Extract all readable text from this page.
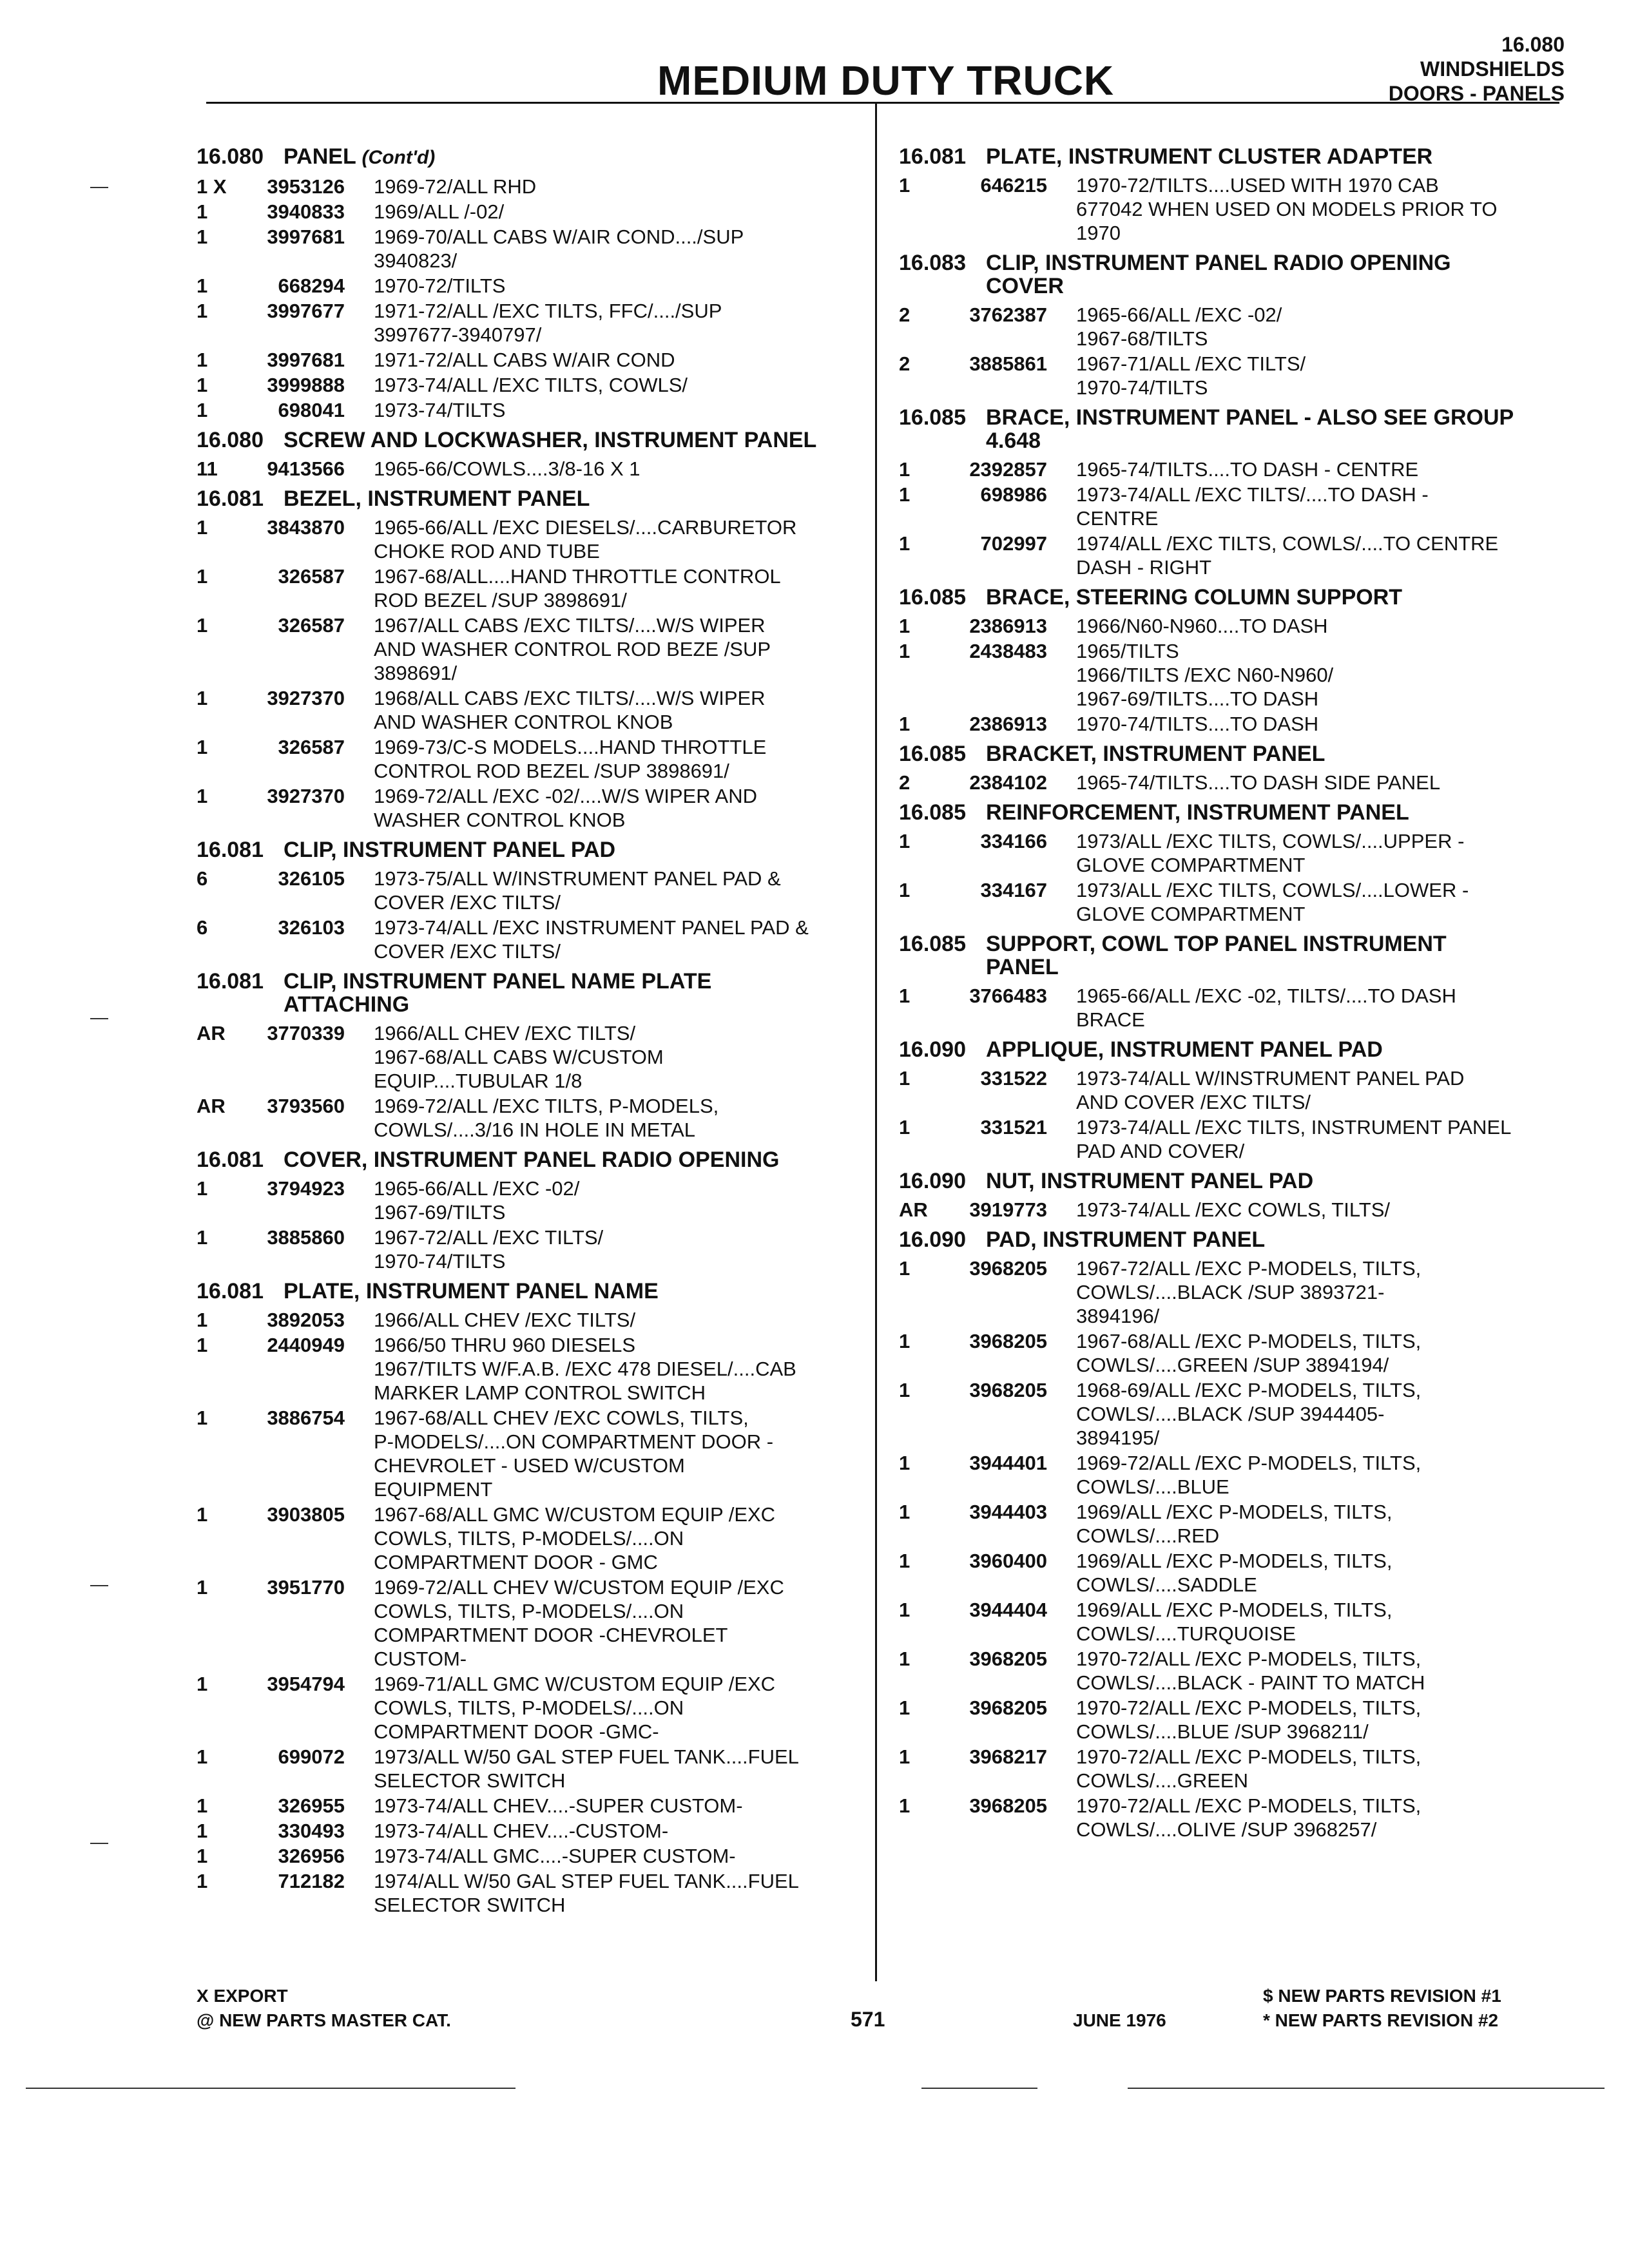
MEDIUM DUTY TRUCK
16.080
WINDSHIELDS
DOORS - PANELS
16.080 PANEL (Cont'd)
1 X	3953126 1969-72/ALL RHD
1	3940833 1969/ALL /-02/
1	3997681 1969-70/ALL CABS W/AIR COND..../SUP
3940823/
1	668294 1970-72/TILTS
1	3997677 1971-72/ALL /EXC TILTS, FFC/..../SUP
3997677-3940797/
1	3997681 1971-72/ALL CABS W/AIR COND
1	3999888 1973-74/ALL /EXC TILTS, COWLS/
1	698041 1973-74/TILTS
16.080 SCREW AND LOCKWASHER, INSTRUMENT PANEL
11	9413566 1965-66/COWLS....3/8-16 X 1
16.081 BEZEL, INSTRUMENT PANEL
1	3843870 1965-66/ALL /EXC DIESELS/....CARBURETOR
CHOKE ROD AND TUBE
1	326587 1967-68/ALL....HAND THROTTLE CONTROL
ROD BEZEL /SUP 3898691/
1	326587 1967/ALL CABS /EXC TILTS/....W/S WIPER
AND WASHER CONTROL ROD BEZE /SUP
3898691/
1	3927370 1968/ALL CABS /EXC TILTS/....W/S WIPER
AND WASHER CONTROL KNOB
1	326587 1969-73/C-S MODELS....HAND THROTTLE
CONTROL ROD BEZEL /SUP 3898691/
1	3927370 1969-72/ALL /EXC -02/....W/S WIPER AND
WASHER CONTROL KNOB
16.081 CLIP, INSTRUMENT PANEL PAD
6	326105 1973-75/ALL W/INSTRUMENT PANEL PAD &
COVER /EXC TILTS/
6	326103 1973-74/ALL /EXC INSTRUMENT PANEL PAD &
COVER /EXC TILTS/
16.081 CLIP, INSTRUMENT PANEL NAME PLATE
ATTACHING
AR	3770339 1966/ALL CHEV /EXC TILTS/
1967-68/ALL CABS W/CUSTOM
EQUIP....TUBULAR 1/8
AR	3793560 1969-72/ALL /EXC TILTS, P-MODELS,
COWLS/....3/16 IN HOLE IN METAL
16.081 COVER, INSTRUMENT PANEL RADIO OPENING
1	3794923 1965-66/ALL /EXC -02/
1967-69/TILTS
1	3885860 1967-72/ALL /EXC TILTS/
1970-74/TILTS
16.081 PLATE, INSTRUMENT PANEL NAME
1	3892053 1966/ALL CHEV /EXC TILTS/
1	2440949 1966/50 THRU 960 DIESELS
1967/TILTS W/F.A.B. /EXC 478 DIESEL/....CAB
MARKER LAMP CONTROL SWITCH
1	3886754 1967-68/ALL CHEV /EXC COWLS, TILTS,
P-MODELS/....ON COMPARTMENT DOOR -
CHEVROLET - USED W/CUSTOM
EQUIPMENT
1	3903805 1967-68/ALL GMC W/CUSTOM EQUIP /EXC
COWLS, TILTS, P-MODELS/....ON
COMPARTMENT DOOR - GMC
1	3951770 1969-72/ALL CHEV W/CUSTOM EQUIP /EXC
COWLS, TILTS, P-MODELS/....ON
COMPARTMENT DOOR -CHEVROLET
CUSTOM-
1	3954794 1969-71/ALL GMC W/CUSTOM EQUIP /EXC
COWLS, TILTS, P-MODELS/....ON
COMPARTMENT DOOR -GMC-
1	699072 1973/ALL W/50 GAL STEP FUEL TANK....FUEL
SELECTOR SWITCH
1	326955 1973-74/ALL CHEV....-SUPER CUSTOM-
1	330493 1973-74/ALL CHEV....-CUSTOM-
1	326956 1973-74/ALL GMC....-SUPER CUSTOM-
1	712182 1974/ALL W/50 GAL STEP FUEL TANK....FUEL
SELECTOR SWITCH
16.081 PLATE, INSTRUMENT CLUSTER ADAPTER
1	646215 1970-72/TILTS....USED WITH 1970 CAB
677042 WHEN USED ON MODELS PRIOR TO
1970
16.083 CLIP, INSTRUMENT PANEL RADIO OPENING
COVER
2	3762387 1965-66/ALL /EXC -02/
1967-68/TILTS
2	3885861 1967-71/ALL /EXC TILTS/
1970-74/TILTS
16.085 BRACE, INSTRUMENT PANEL - ALSO SEE GROUP
4.648
1	2392857 1965-74/TILTS....TO DASH - CENTRE
1	698986 1973-74/ALL /EXC TILTS/....TO DASH -
CENTRE
1	702997 1974/ALL /EXC TILTS, COWLS/....TO CENTRE
DASH - RIGHT
16.085 BRACE, STEERING COLUMN SUPPORT
1	2386913 1966/N60-N960....TO DASH
1	2438483 1965/TILTS
1966/TILTS /EXC N60-N960/
1967-69/TILTS....TO DASH
1	2386913 1970-74/TILTS....TO DASH
16.085 BRACKET, INSTRUMENT PANEL
2	2384102 1965-74/TILTS....TO DASH SIDE PANEL
16.085 REINFORCEMENT, INSTRUMENT PANEL
1	334166 1973/ALL /EXC TILTS, COWLS/....UPPER -
GLOVE COMPARTMENT
1	334167 1973/ALL /EXC TILTS, COWLS/....LOWER -
GLOVE COMPARTMENT
16.085 SUPPORT, COWL TOP PANEL INSTRUMENT
PANEL
1	3766483 1965-66/ALL /EXC -02, TILTS/....TO DASH
BRACE
16.090 APPLIQUE, INSTRUMENT PANEL PAD
1	331522 1973-74/ALL W/INSTRUMENT PANEL PAD
AND COVER /EXC TILTS/
1	331521 1973-74/ALL /EXC TILTS, INSTRUMENT PANEL
PAD AND COVER/
16.090 NUT, INSTRUMENT PANEL PAD
AR	3919773 1973-74/ALL /EXC COWLS, TILTS/
16.090 PAD, INSTRUMENT PANEL
1	3968205 1967-72/ALL /EXC P-MODELS, TILTS,
COWLS/....BLACK /SUP 3893721-
3894196/
1	3968205 1967-68/ALL /EXC P-MODELS, TILTS,
COWLS/....GREEN /SUP 3894194/
1	3968205 1968-69/ALL /EXC P-MODELS, TILTS,
COWLS/....BLACK /SUP 3944405-
3894195/
1	3944401 1969-72/ALL /EXC P-MODELS, TILTS,
COWLS/....BLUE
1	3944403 1969/ALL /EXC P-MODELS, TILTS,
COWLS/....RED
1	3960400 1969/ALL /EXC P-MODELS, TILTS,
COWLS/....SADDLE
1	3944404 1969/ALL /EXC P-MODELS, TILTS,
COWLS/....TURQUOISE
1	3968205 1970-72/ALL /EXC P-MODELS, TILTS,
COWLS/....BLACK - PAINT TO MATCH
1	3968205 1970-72/ALL /EXC P-MODELS, TILTS,
COWLS/....BLUE /SUP 3968211/
1	3968217 1970-72/ALL /EXC P-MODELS, TILTS,
COWLS/....GREEN
1	3968205 1970-72/ALL /EXC P-MODELS, TILTS,
COWLS/....OLIVE /SUP 3968257/
X EXPORT
@ NEW PARTS MASTER CAT.	571	JUNE 1976
$ NEW PARTS REVISION #1
* NEW PARTS REVISION #2
